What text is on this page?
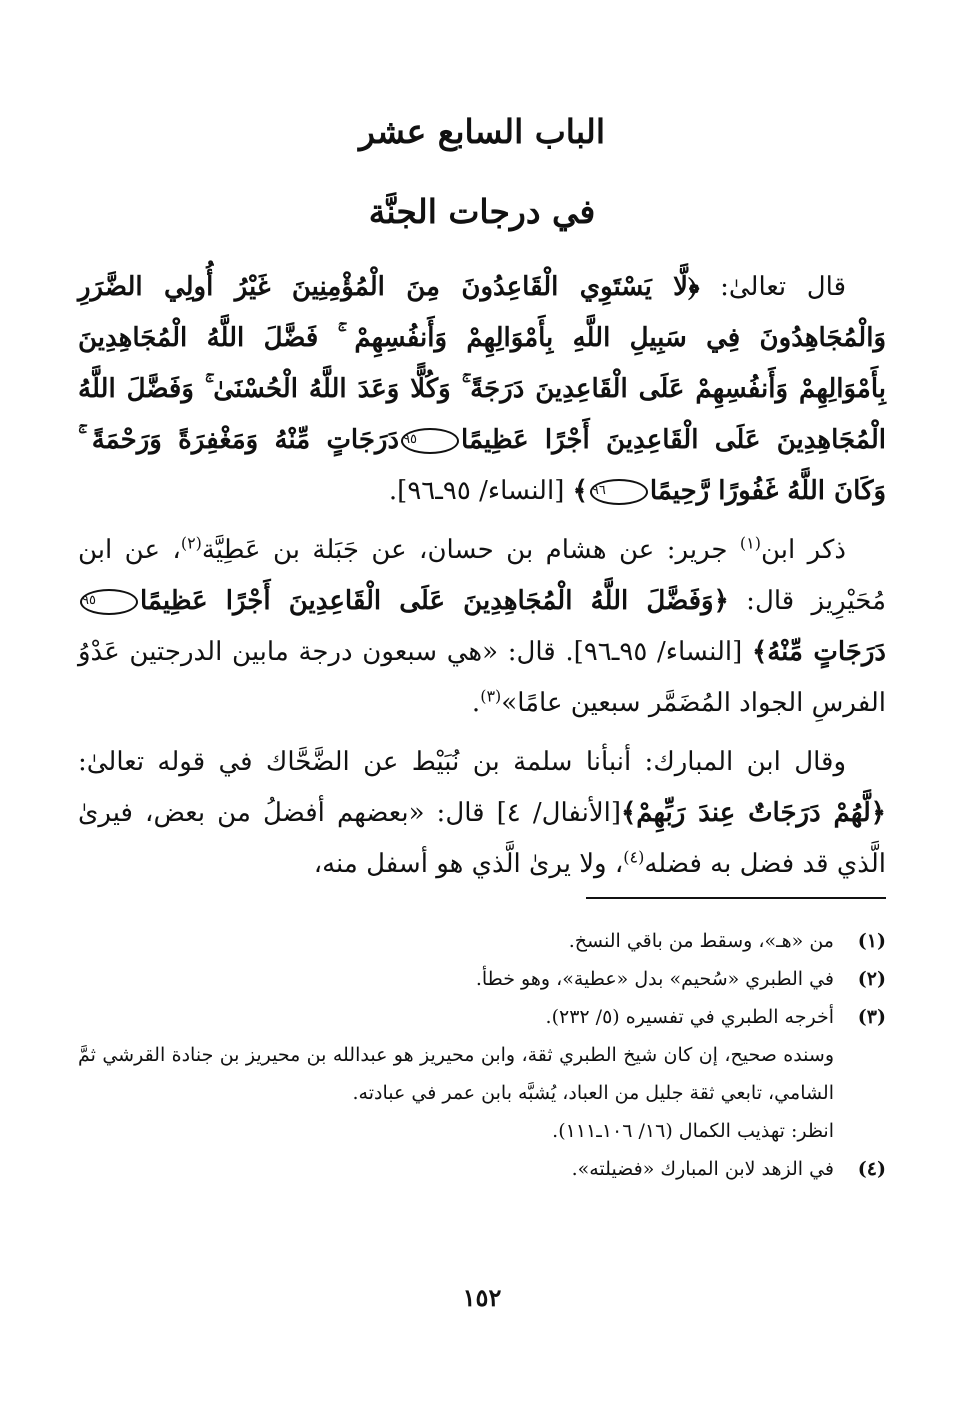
الباب السابع عشر
في درجات الجنَّة

قال تعالىٰ: ﴿لَّا يَسْتَوِي الْقَاعِدُونَ مِنَ الْمُؤْمِنِينَ غَيْرُ أُولِي الضَّرَرِ وَالْمُجَاهِدُونَ فِي سَبِيلِ اللَّهِ بِأَمْوَالِهِمْ وَأَنفُسِهِمْ ۚ فَضَّلَ اللَّهُ الْمُجَاهِدِينَ بِأَمْوَالِهِمْ وَأَنفُسِهِمْ عَلَى الْقَاعِدِينَ دَرَجَةً ۚ وَكُلًّا وَعَدَ اللَّهُ الْحُسْنَىٰ ۚ وَفَضَّلَ اللَّهُ الْمُجَاهِدِينَ عَلَى الْقَاعِدِينَ أَجْرًا عَظِيمًا٩٥دَرَجَاتٍ مِّنْهُ وَمَغْفِرَةً وَرَحْمَةً ۚ وَكَانَ اللَّهُ غَفُورًا رَّحِيمًا٩٦﴾ [النساء/ ٩٥ـ٩٦].

ذكر ابن$^{(١)}$ جرير: عن هشام بن حسان، عن جَبَلة بن عَطِيَّة$^{(٢)}$، عن ابن مُحَيْرِيز قال: ﴿وَفَضَّلَ اللَّهُ الْمُجَاهِدِينَ عَلَى الْقَاعِدِينَ أَجْرًا عَظِيمًا٩٥دَرَجَاتٍ مِّنْهُ﴾ [النساء/ ٩٥ـ٩٦]. قال: «هي سبعون درجة مابين الدرجتين عَدْوُ الفرسِ الجواد المُضَمَّر سبعين عامًا»$^{(٣)}$.

وقال ابن المبارك: أنبأنا سلمة بن نُبَيْط عن الضَّحَّاك في قوله تعالىٰ: ﴿لَّهُمْ دَرَجَاتٌ عِندَ رَبِّهِمْ﴾[الأنفال/ ٤] قال: «بعضهم أفضلُ من بعض، فيرىٰ الَّذي قد فضل به فضله$^{(٤)}$، ولا يرىٰ الَّذي هو أسفل منه،

(١)
من «هـ»، وسقط من باقي النسخ.
(٢)
في الطبري «سُحيم» بدل «عطية»، وهو خطأ.
(٣)
أخرجه الطبري في تفسيره (٥/ ٢٣٢).
وسنده صحيح، إن كان شيخ الطبري ثقة، وابن محيريز هو عبدالله بن محيريز بن جنادة القرشي ثمَّ الشامي، تابعي ثقة جليل من العباد، يُشبَّه بابن عمر في عبادته.
انظر: تهذيب الكمال (١٦/ ١٠٦ـ١١١).
(٤)
في الزهد لابن المبارك «فضيلته».
١٥٢
